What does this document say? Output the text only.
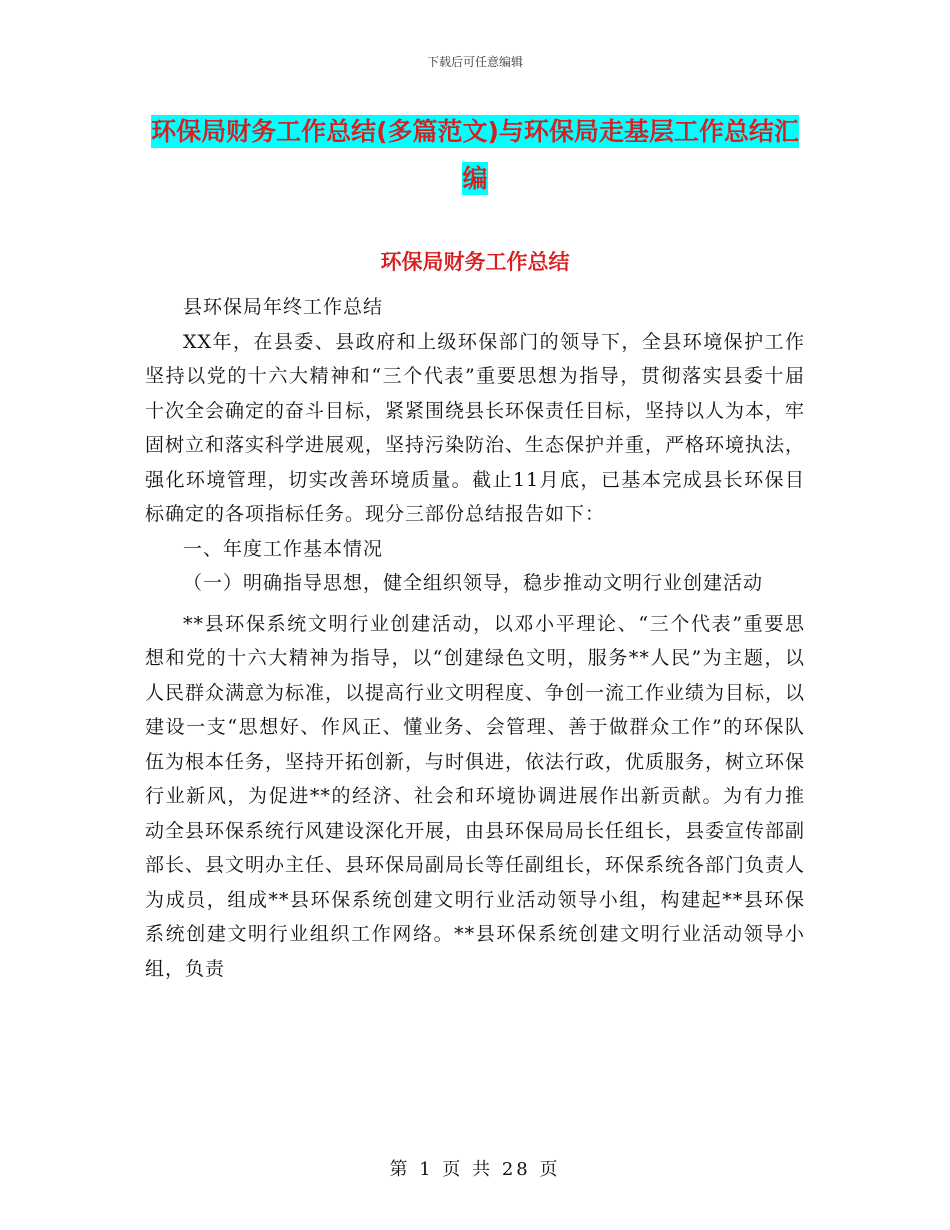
下载后可任意编辑
环保局财务工作总结(多篇范文)与环保局走基层工作总结汇编
环保局财务工作总结

县环保局年终工作总结

XX年，在县委、县政府和上级环保部门的领导下，全县环境保护工作坚持以党的十六大精神和“三个代表”重要思想为指导，贯彻落实县委十届十次全会确定的奋斗目标，紧紧围绕县长环保责任目标，坚持以人为本，牢固树立和落实科学进展观，坚持污染防治、生态保护并重，严格环境执法，强化环境管理，切实改善环境质量。截止11月底，已基本完成县长环保目标确定的各项指标任务。现分三部份总结报告如下：

一、年度工作基本情况

（一）明确指导思想，健全组织领导，稳步推动文明行业创建活动

**县环保系统文明行业创建活动，以邓小平理论、“三个代表”重要思想和党的十六大精神为指导，以“创建绿色文明，服务**人民”为主题，以人民群众满意为标准，以提高行业文明程度、争创一流工作业绩为目标，以建设一支“思想好、作风正、懂业务、会管理、善于做群众工作”的环保队伍为根本任务，坚持开拓创新，与时俱进，依法行政，优质服务，树立环保行业新风，为促进**的经济、社会和环境协调进展作出新贡献。为有力推动全县环保系统行风建设深化开展，由县环保局局长任组长，县委宣传部副部长、县文明办主任、县环保局副局长等任副组长，环保系统各部门负责人为成员，组成**县环保系统创建文明行业活动领导小组，构建起**县环保系统创建文明行业组织工作网络。**县环保系统创建文明行业活动领导小组，负责

第 1 页 共 28 页
